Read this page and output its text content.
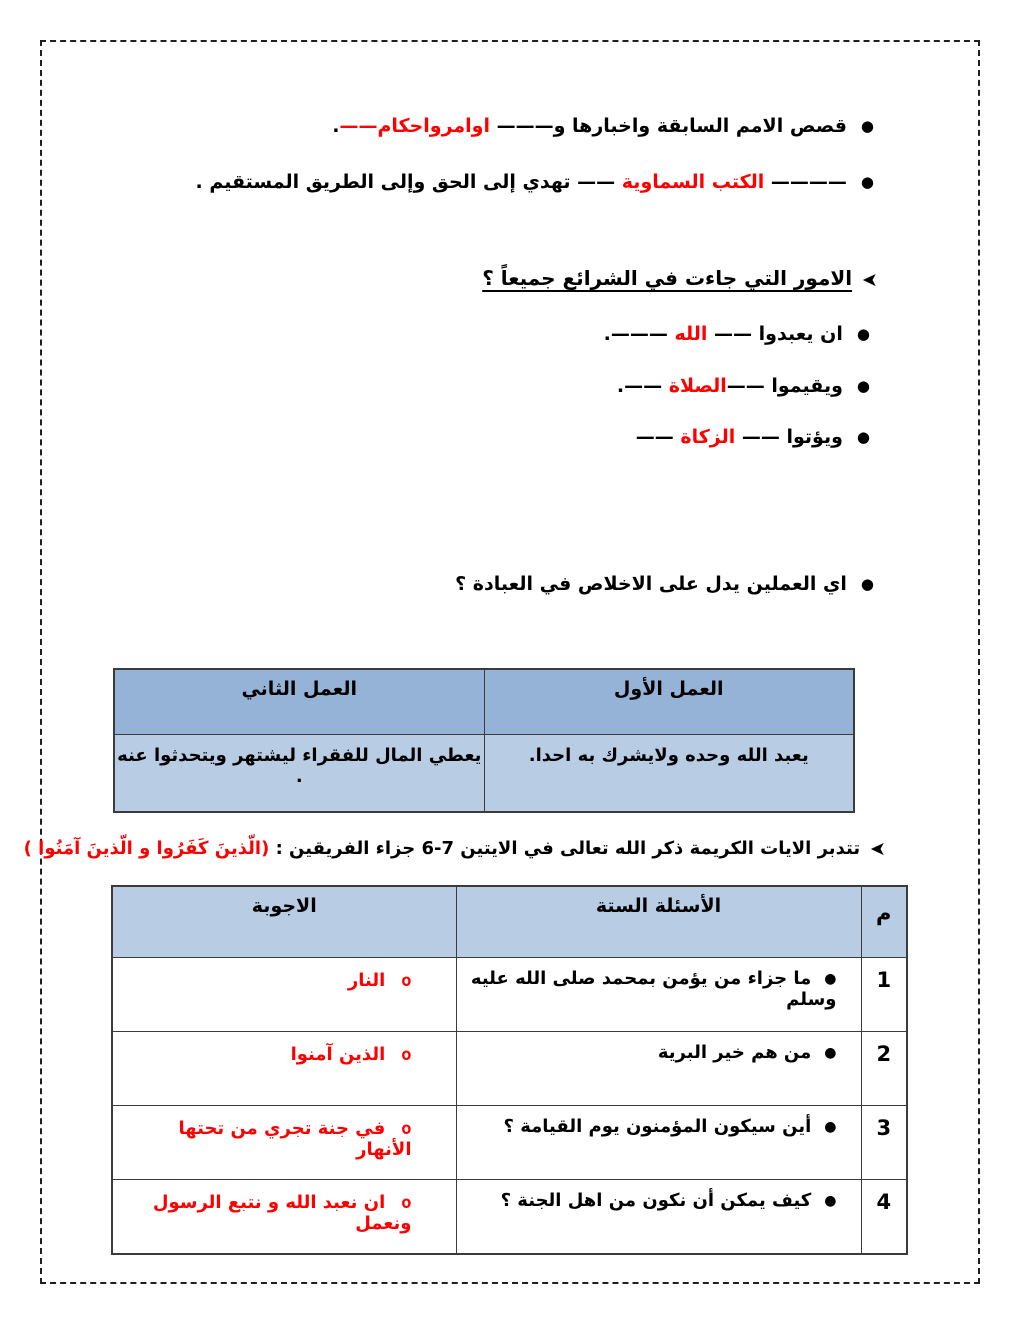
●قصص الامم السابقة واخبارها و——— اوامرواحكام——.
●———— الكتب السماوية —— تهدي إلى الحق وإلى الطريق المستقيم .
➤الامور التي جاءت في الشرائع جميعاً ؟
●ان يعبدوا —— الله ———.
●ويقيموا ——الصلاة ——.
●ويؤتوا —— الزكاة ——
●اي العملين يدل على الاخلاص في العبادة ؟
العمل الأول	العمل الثاني
يعبد الله وحده ولايشرك به احدا.	يعطي المال للفقراء ليشتهر ويتحدثوا عنه .
➤تتدبر الايات الكريمة ذكر الله تعالى في الايتين 7-6 جزاء الفريقين : (الّذينَ كَفَرُوا و الّذينَ آمَنُوا )
م	الأسئلة الستة	الاجوبة
1	●ما جزاء من يؤمن بمحمد صلى الله عليه وسلم	oالنار
2	●من هم خير البرية	oالذين آمنوا
3	●أين سيكون المؤمنون يوم القيامة ؟	oفي جنة تجري من تحتها الأنهار
4	●كيف يمكن أن نكون من اهل الجنة ؟	oان نعبد الله و نتبع الرسول ونعمل
